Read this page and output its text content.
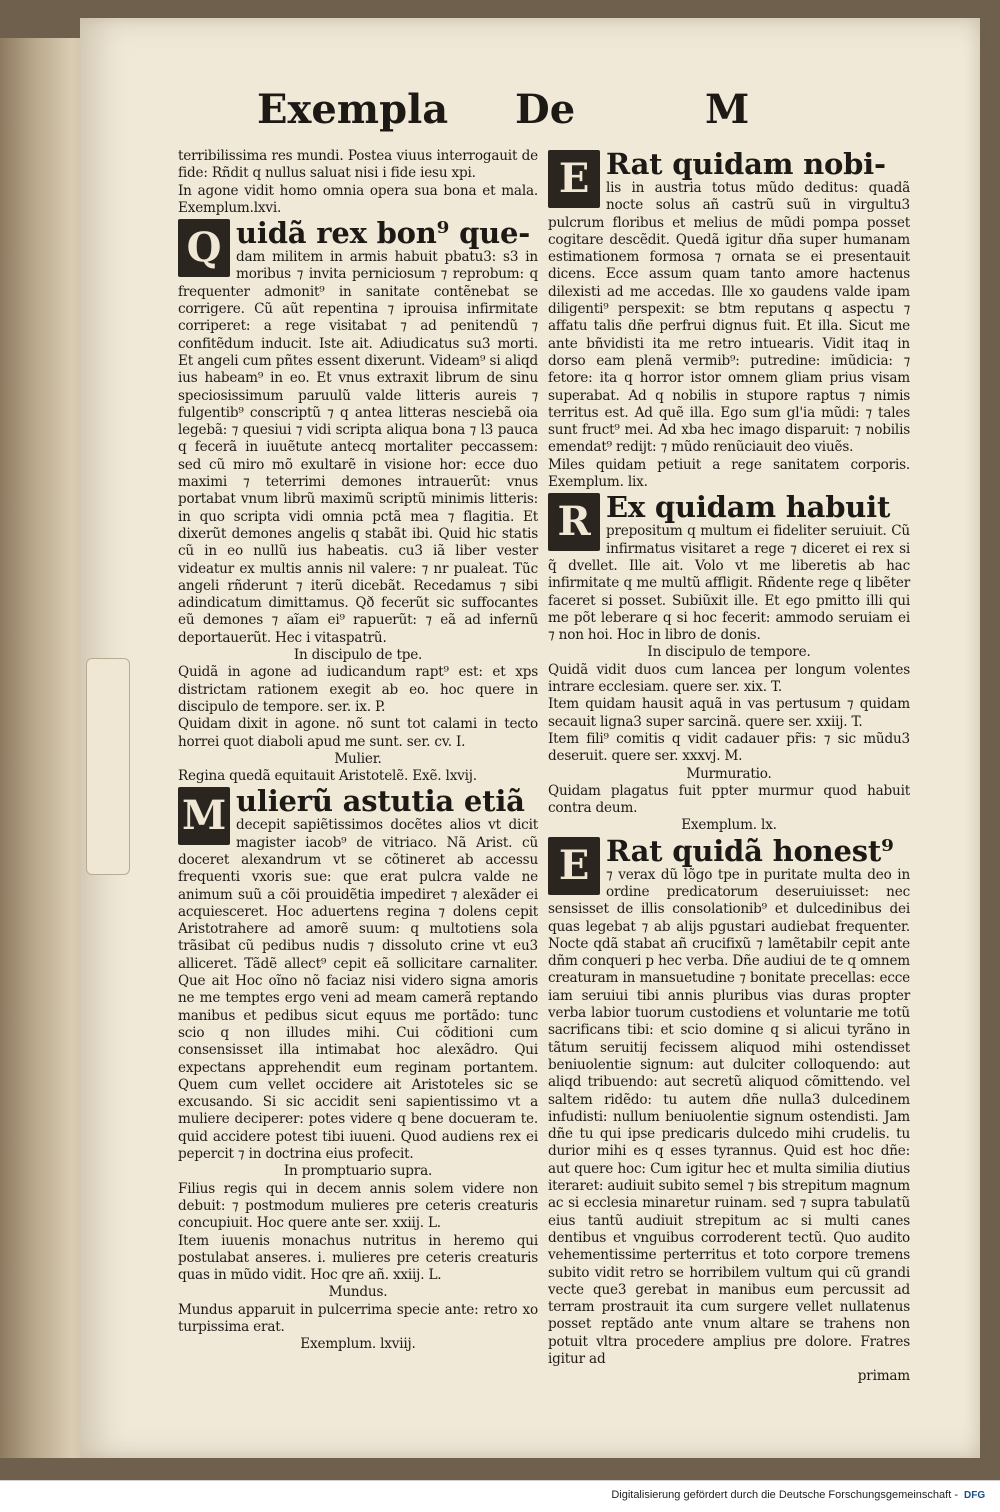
Exempla De	M

terribilissima res mundi. Postea viuus interrogauit de fide: Rñdit q nullus saluat nisi i fide iesu xpi.

In agone vidit homo omnia opera sua bona et mala. Exemplum.lxvi.

Q uidã rex bon⁹ que-

dam militem in armis habuit pbatu3: s3 in moribus ⁊ invita perniciosum ⁊ reprobum: q frequenter admonit⁹ in sanitate contẽnebat se corrigere. Cũ aũt repentina ⁊ iprouisa infirmitate corriperet: a rege visitabat ⁊ ad penitendũ ⁊ confitẽdum inducit. Iste ait. Adiudicatus su3 morti. Et angeli cum pñtes essent dixerunt. Videam⁹ si aliqd ius habeam⁹ in eo. Et vnus extraxit librum de sinu speciosissimum paruulũ valde litteris aureis ⁊ fulgentib⁹ conscriptũ ⁊ q antea litteras nesciebã oia legebã: ⁊ quesiui ⁊ vidi scripta aliqua bona ⁊ l3 pauca q fecerã in iuuẽtute antecq mortaliter peccassem: sed cũ miro mõ exultarẽ in visione hor: ecce duo maximi ⁊ teterrimi demones intrauerũt: vnus portabat vnum librũ maximũ scriptũ minimis litteris: in quo scripta vidi omnia pctã mea ⁊ flagitia. Et dixerũt demones angelis q stabãt ibi. Quid hic statis cũ in eo nullũ ius habeatis. cu3 iã liber vester videatur ex multis annis nil valere: ⁊ nr pualeat. Tũc angeli rñderunt ⁊ iterũ dicebãt. Recedamus ⁊ sibi adindicatum dimittamus. Qð fecerũt sic suffocantes eũ demones ⁊ aĩam ei⁹ rapuerũt: ⁊ eã ad infernũ deportauerũt. Hec i vitaspatrũ.

In discipulo de tpe.

Quidã in agone ad iudicandum rapt⁹ est: et xps districtam rationem exegit ab eo. hoc quere in discipulo de tempore. ser. ix. P.

Quidam dixit in agone. nõ sunt tot calami in tecto horrei quot diaboli apud me sunt. ser. cv. I.

Mulier.

Regina quedã equitauit Aristotelẽ. Exẽ. lxvij.

M ulierũ astutia etiã

decepit sapiẽtissimos docẽtes alios vt dicit magister iacob⁹ de vitriaco. Nã Arist. cũ doceret alexandrum vt se cõtineret ab accessu frequenti vxoris sue: que erat pulcra valde ne animum suũ a cõi prouidẽtia impediret ⁊ alexãder ei acquiesceret. Hoc aduertens regina ⁊ dolens cepit Aristotrahere ad amorẽ suum: q multotiens sola trãsibat cũ pedibus nudis ⁊ dissoluto crine vt eu3 alliceret. Tãdẽ allect⁹ cepit eã sollicitare carnaliter. Que ait Hoc oĩno nõ faciaz nisi videro signa amoris ne me temptes ergo veni ad meam camerã reptando manibus et pedibus sicut equus me portãdo: tunc scio q non illudes mihi. Cui cõditioni cum consensisset illa intimabat hoc alexãdro. Qui expectans apprehendit eum reginam portantem. Quem cum vellet occidere ait Aristoteles sic se excusando. Si sic accidit seni sapientissimo vt a muliere deciperer: potes videre q bene docueram te. quid accidere potest tibi iuueni. Quod audiens rex ei pepercit ⁊ in doctrina eius profecit.

In promptuario supra.

Filius regis qui in decem annis solem videre non debuit: ⁊ postmodum mulieres pre ceteris creaturis concupiuit. Hoc quere ante ser. xxiij. L.

Item iuuenis monachus nutritus in heremo qui postulabat anseres. i. mulieres pre ceteris creaturis quas in mũdo vidit. Hoc qre añ. xxiij. L.

Mundus.

Mundus apparuit in pulcerrima specie ante: retro xo turpissima erat.

Exemplum. lxviij.

E Rat quidam nobi-

lis in austria totus mũdo deditus: quadã nocte solus añ castrũ suũ in virgultu3 pulcrum floribus et melius de mũdi pompa posset cogitare descẽdit. Quedã igitur dña super humanam estimationem formosa ⁊ ornata se ei presentauit dicens. Ecce assum quam tanto amore hactenus dilexisti ad me accedas. Ille xo gaudens valde ipam diligenti⁹ perspexit: se btm reputans q aspectu ⁊ affatu talis dñe perfrui dignus fuit. Et illa. Sicut me ante bñvidisti ita me retro intuearis. Vidit itaq in dorso eam plenã vermib⁹: putredine: imũdicia: ⁊ fetore: ita q horror istor omnem gliam prius visam superabat. Ad q nobilis in stupore raptus ⁊ nimis territus est. Ad quẽ illa. Ego sum gl'ia mũdi: ⁊ tales sunt fruct⁹ mei. Ad xba hec imago disparuit: ⁊ nobilis emendat⁹ redijt: ⁊ mũdo renũciauit deo viuẽs.

Miles quidam petiuit a rege sanitatem corporis. Exemplum. lix.

R Ex quidam habuit

prepositum q multum ei fideliter seruiuit. Cũ infirmatus visitaret a rege ⁊ diceret ei rex si q̃ dvellet. Ille ait. Volo vt me liberetis ab hac infirmitate q me multũ affligit. Rñdente rege q libẽter faceret si posset. Subiũxit ille. Et ego pmitto illi qui me põt leberare q si hoc fecerit: ammodo seruiam ei ⁊ non hoi. Hoc in libro de donis.

In discipulo de tempore.

Quidã vidit duos cum lancea per longum volentes intrare ecclesiam. quere ser. xix. T.

Item quidam hausit aquã in vas pertusum ⁊ quidam secauit ligna3 super sarcinã. quere ser. xxiij. T.

Item fili⁹ comitis q vidit cadauer pr̃is: ⁊ sic mũdu3 deseruit. quere ser. xxxvj. M.

Murmuratio.

Quidam plagatus fuit ppter murmur quod habuit contra deum.

Exemplum. lx.

E Rat quidã honest⁹

⁊ verax dũ lõgo tpe in puritate multa deo in ordine predicatorum deseruiuisset: nec sensisset de illis consolationib⁹ et dulcedinibus dei quas legebat ⁊ ab alijs pgustari audiebat frequenter. Nocte qdã stabat añ crucifixũ ⁊ lamẽtabilr cepit ante dñm conqueri p hec verba. Dñe audiui de te q omnem creaturam in mansuetudine ⁊ bonitate precellas: ecce iam seruiui tibi annis pluribus vias duras propter verba labior tuorum custodiens et voluntarie me totũ sacrificans tibi: et scio domine q si alicui tyrãno in tãtum seruitij fecissem aliquod mihi ostendisset beniuolentie signum: aut dulciter colloquendo: aut aliqd tribuendo: aut secretũ aliquod cõmittendo. vel saltem ridẽdo: tu autem dñe nulla3 dulcedinem infudisti: nullum beniuolentie signum ostendisti. Jam dñe tu qui ipse predicaris dulcedo mihi crudelis. tu durior mihi es q esses tyrannus. Quid est hoc dñe: aut quere hoc: Cum igitur hec et multa similia diutius iteraret: audiuit subito semel ⁊ bis strepitum magnum ac si ecclesia minaretur ruinam. sed ⁊ supra tabulatũ eius tantũ audiuit strepitum ac si multi canes dentibus et vnguibus corroderent tectũ. Quo audito vehementissime perterritus et toto corpore tremens subito vidit retro se horribilem vultum qui cũ grandi vecte que3 gerebat in manibus eum percussit ad terram prostrauit ita cum surgere vellet nullatenus posset reptãdo ante vnum altare se trahens non potuit vltra procedere amplius pre dolore. Fratres igitur ad

primam

Digitalisierung gefördert durch die Deutsche Forschungsgemeinschaft - DFG
